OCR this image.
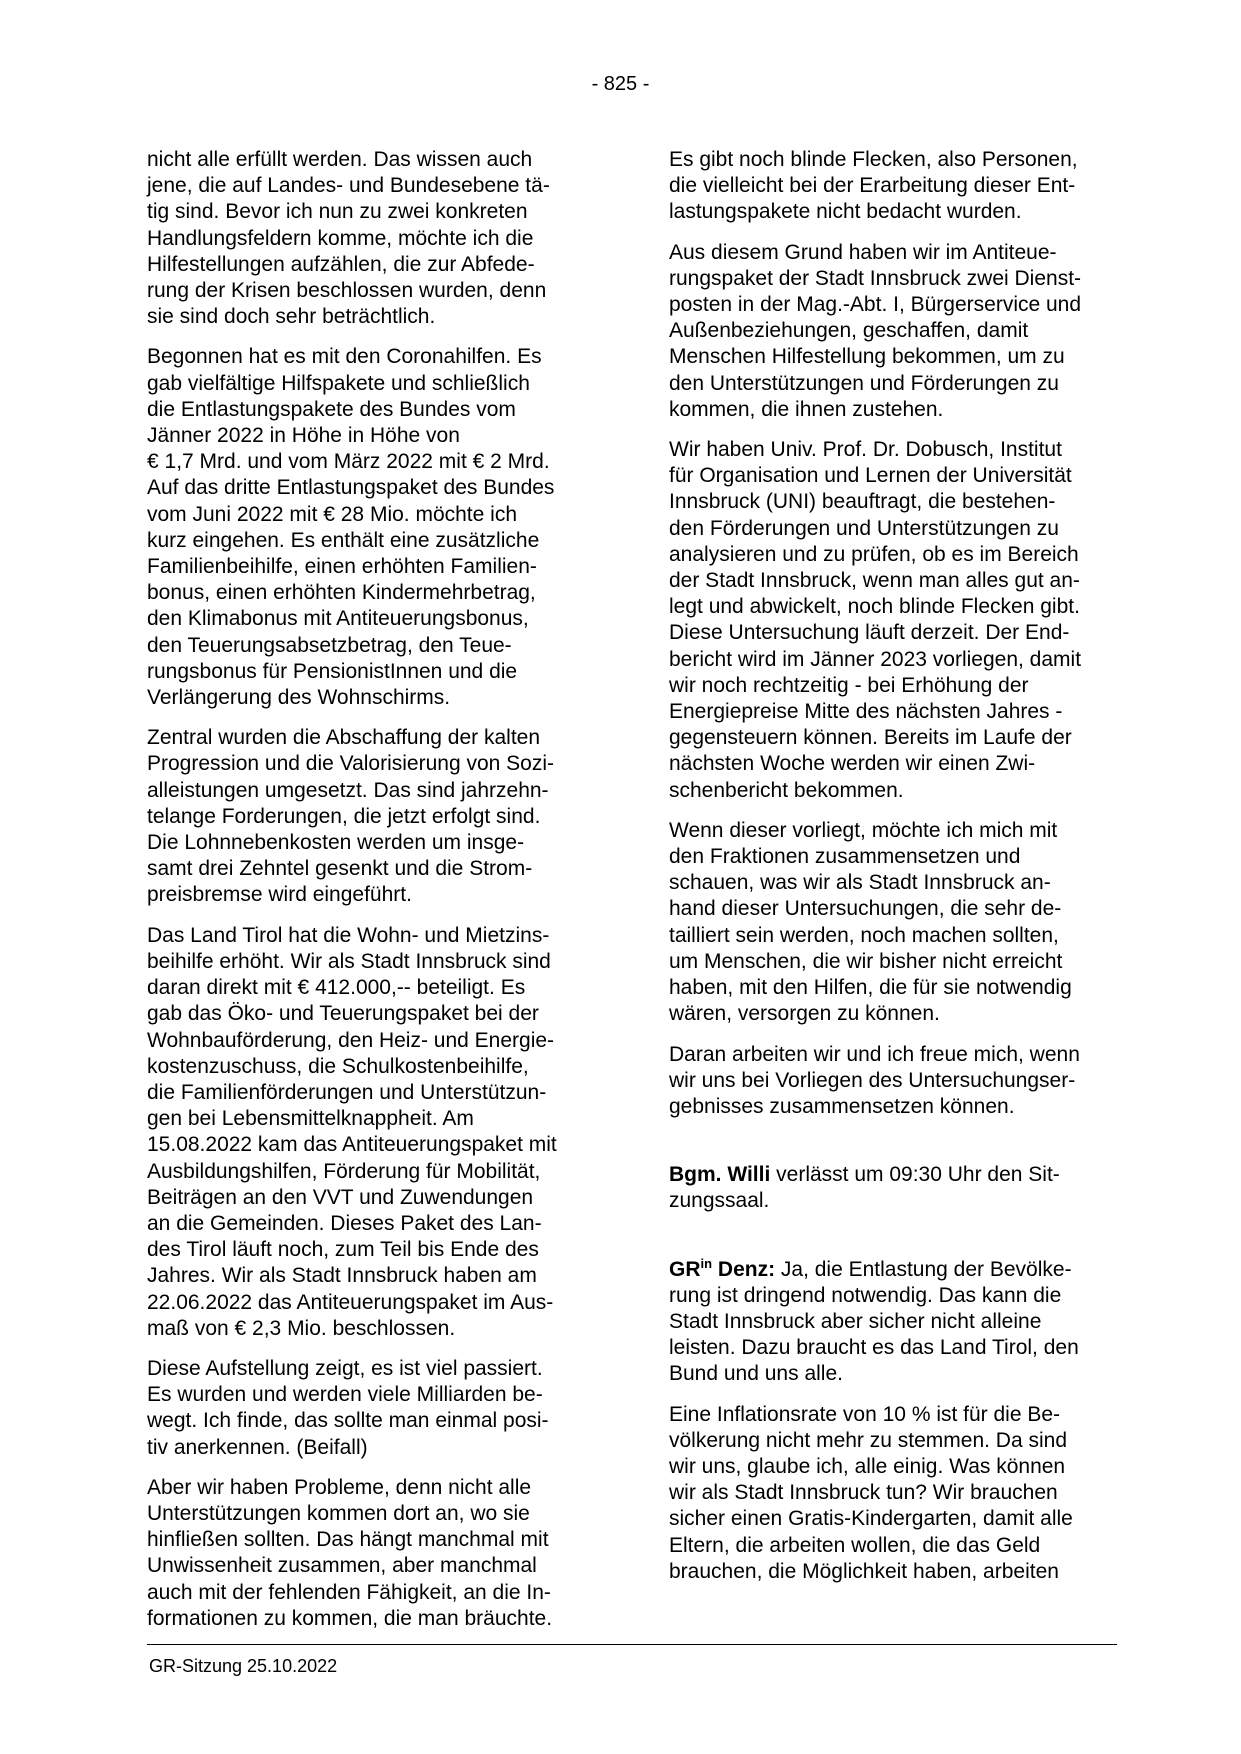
- 825 -

nicht alle erfüllt werden. Das wissen auch
jene, die auf Landes- und Bundesebene tä-
tig sind. Bevor ich nun zu zwei konkreten
Handlungsfeldern komme, möchte ich die
Hilfestellungen aufzählen, die zur Abfede-
rung der Krisen beschlossen wurden, denn
sie sind doch sehr beträchtlich.

Begonnen hat es mit den Coronahilfen. Es
gab vielfältige Hilfspakete und schließlich
die Entlastungspakete des Bundes vom
Jänner 2022 in Höhe in Höhe von
€ 1,7 Mrd. und vom März 2022 mit € 2 Mrd.
Auf das dritte Entlastungspaket des Bundes
vom Juni 2022 mit € 28 Mio. möchte ich
kurz eingehen. Es enthält eine zusätzliche
Familienbeihilfe, einen erhöhten Familien-
bonus, einen erhöhten Kindermehrbetrag,
den Klimabonus mit Antiteuerungsbonus,
den Teuerungsabsetzbetrag, den Teue-
rungsbonus für PensionistInnen und die
Verlängerung des Wohnschirms.

Zentral wurden die Abschaffung der kalten
Progression und die Valorisierung von Sozi-
alleistungen umgesetzt. Das sind jahrzehn-
telange Forderungen, die jetzt erfolgt sind.
Die Lohnnebenkosten werden um insge-
samt drei Zehntel gesenkt und die Strom-
preisbremse wird eingeführt.

Das Land Tirol hat die Wohn- und Mietzins-
beihilfe erhöht. Wir als Stadt Innsbruck sind
daran direkt mit € 412.000,-- beteiligt. Es
gab das Öko- und Teuerungspaket bei der
Wohnbauförderung, den Heiz- und Energie-
kostenzuschuss, die Schulkostenbeihilfe,
die Familienförderungen und Unterstützun-
gen bei Lebensmittelknappheit. Am
15.08.2022 kam das Antiteuerungspaket mit
Ausbildungshilfen, Förderung für Mobilität,
Beiträgen an den VVT und Zuwendungen
an die Gemeinden. Dieses Paket des Lan-
des Tirol läuft noch, zum Teil bis Ende des
Jahres. Wir als Stadt Innsbruck haben am
22.06.2022 das Antiteuerungspaket im Aus-
maß von € 2,3 Mio. beschlossen.

Diese Aufstellung zeigt, es ist viel passiert.
Es wurden und werden viele Milliarden be-
wegt. Ich finde, das sollte man einmal posi-
tiv anerkennen. (Beifall)

Aber wir haben Probleme, denn nicht alle
Unterstützungen kommen dort an, wo sie
hinfließen sollten. Das hängt manchmal mit
Unwissenheit zusammen, aber manchmal
auch mit der fehlenden Fähigkeit, an die In-
formationen zu kommen, die man bräuchte.

Es gibt noch blinde Flecken, also Personen,
die vielleicht bei der Erarbeitung dieser Ent-
lastungspakete nicht bedacht wurden.

Aus diesem Grund haben wir im Antiteue-
rungspaket der Stadt Innsbruck zwei Dienst-
posten in der Mag.-Abt. I, Bürgerservice und
Außenbeziehungen, geschaffen, damit
Menschen Hilfestellung bekommen, um zu
den Unterstützungen und Förderungen zu
kommen, die ihnen zustehen.

Wir haben Univ. Prof. Dr. Dobusch, Institut
für Organisation und Lernen der Universität
Innsbruck (UNI) beauftragt, die bestehen-
den Förderungen und Unterstützungen zu
analysieren und zu prüfen, ob es im Bereich
der Stadt Innsbruck, wenn man alles gut an-
legt und abwickelt, noch blinde Flecken gibt.
Diese Untersuchung läuft derzeit. Der End-
bericht wird im Jänner 2023 vorliegen, damit
wir noch rechtzeitig - bei Erhöhung der
Energiepreise Mitte des nächsten Jahres -
gegensteuern können. Bereits im Laufe der
nächsten Woche werden wir einen Zwi-
schenbericht bekommen.

Wenn dieser vorliegt, möchte ich mich mit
den Fraktionen zusammensetzen und
schauen, was wir als Stadt Innsbruck an-
hand dieser Untersuchungen, die sehr de-
tailliert sein werden, noch machen sollten,
um Menschen, die wir bisher nicht erreicht
haben, mit den Hilfen, die für sie notwendig
wären, versorgen zu können.

Daran arbeiten wir und ich freue mich, wenn
wir uns bei Vorliegen des Untersuchungser-
gebnisses zusammensetzen können.

Bgm. Willi verlässt um 09:30 Uhr den Sit-
zungssaal.

$GR^{in}$ Denz: Ja, die Entlastung der Bevölke-
rung ist dringend notwendig. Das kann die
Stadt Innsbruck aber sicher nicht alleine
leisten. Dazu braucht es das Land Tirol, den
Bund und uns alle.

Eine Inflationsrate von 10 % ist für die Be-
völkerung nicht mehr zu stemmen. Da sind
wir uns, glaube ich, alle einig. Was können
wir als Stadt Innsbruck tun? Wir brauchen
sicher einen Gratis-Kindergarten, damit alle
Eltern, die arbeiten wollen, die das Geld
brauchen, die Möglichkeit haben, arbeiten

GR-Sitzung 25.10.2022
